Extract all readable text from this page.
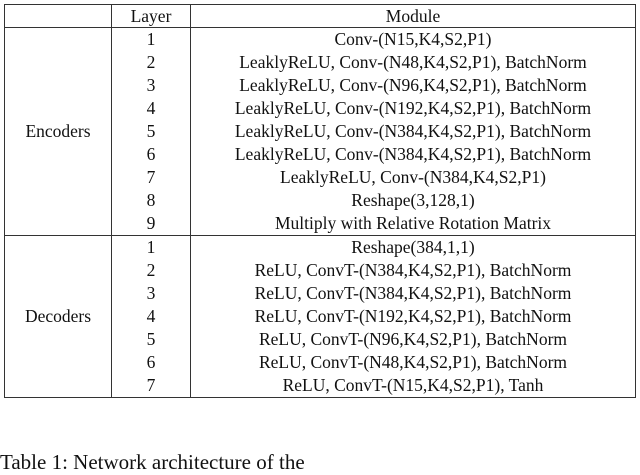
	Layer	Module
Encoders	1	Conv-(N15,K4,S2,P1)
	2	LeaklyReLU, Conv-(N48,K4,S2,P1), BatchNorm
	3	LeaklyReLU, Conv-(N96,K4,S2,P1), BatchNorm
	4	LeaklyReLU, Conv-(N192,K4,S2,P1), BatchNorm
	5	LeaklyReLU, Conv-(N384,K4,S2,P1), BatchNorm
	6	LeaklyReLU, Conv-(N384,K4,S2,P1), BatchNorm
	7	LeaklyReLU, Conv-(N384,K4,S2,P1)
	8	Reshape(3,128,1)
	9	Multiply with Relative Rotation Matrix
Decoders	1	Reshape(384,1,1)
	2	ReLU, ConvT-(N384,K4,S2,P1), BatchNorm
	3	ReLU, ConvT-(N384,K4,S2,P1), BatchNorm
	4	ReLU, ConvT-(N192,K4,S2,P1), BatchNorm
	5	ReLU, ConvT-(N96,K4,S2,P1), BatchNorm
	6	ReLU, ConvT-(N48,K4,S2,P1), BatchNorm
	7	ReLU, ConvT-(N15,K4,S2,P1), Tanh
Table 1: Network architecture of the
